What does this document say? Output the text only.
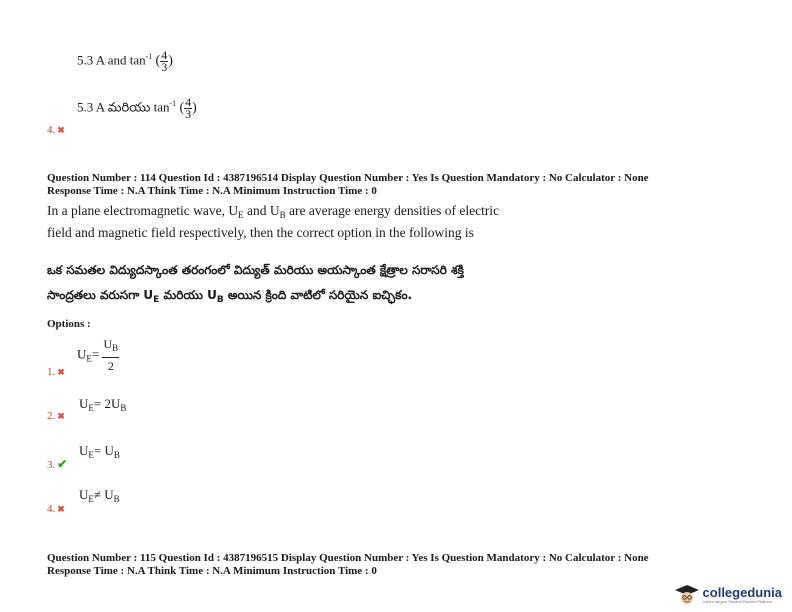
5.3 A and $\tan^{-1}$ ( $\frac{4}{3}$ )
5.3 A మరియు $\tan^{-1}$ ( $\frac{4}{3}$ )
4. ✖
Question Number : 114 Question Id : 4387196514 Display Question Number : Yes Is Question Mandatory : No Calculator : None
Response Time : N.A Think Time : N.A Minimum Instruction Time : 0
In a plane electromagnetic wave, $U_E$ and $U_B$ are average energy densities of electric
field and magnetic field respectively, then the correct option in the following is
ఒక సమతల విద్యుదస్కాంత తరంగంలో విద్యుత్ మరియు అయస్కాంత క్షేత్రాల సరాసరి శక్తి
సాంద్రతలు వరుసగా $U_E$ మరియు $U_B$ అయిన క్రింది వాటిలో సరియైన ఐచ్ఛికం.
Options :
$U_E= \frac{U_B}{2}$
1. ✖
$U_E= 2U_B$
2. ✖
$U_E= U_B$
3. ✔
$U_E\ne U_B$
4. ✖
Question Number : 115 Question Id : 4387196515 Display Question Number : Yes Is Question Mandatory : No Calculator : None
Response Time : N.A Think Time : N.A Minimum Instruction Time : 0
collegedunia
India's largest Student Review Platform
